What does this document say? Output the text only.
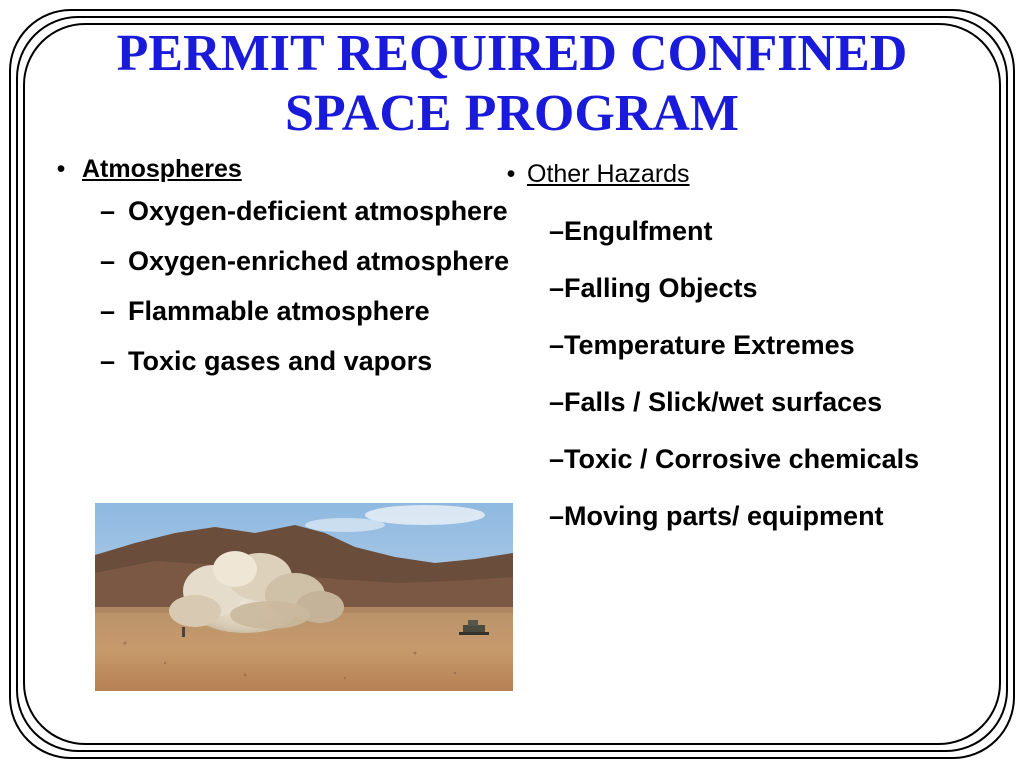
PERMIT REQUIRED CONFINED
SPACE PROGRAM
• Atmospheres
– Oxygen-deficient atmosphere
– Oxygen-enriched atmosphere
– Flammable atmosphere
– Toxic gases and vapors
• Other Hazards
–Engulfment
–Falling Objects
–Temperature Extremes
–Falls / Slick/wet surfaces
–Toxic / Corrosive chemicals
–Moving parts/ equipment
